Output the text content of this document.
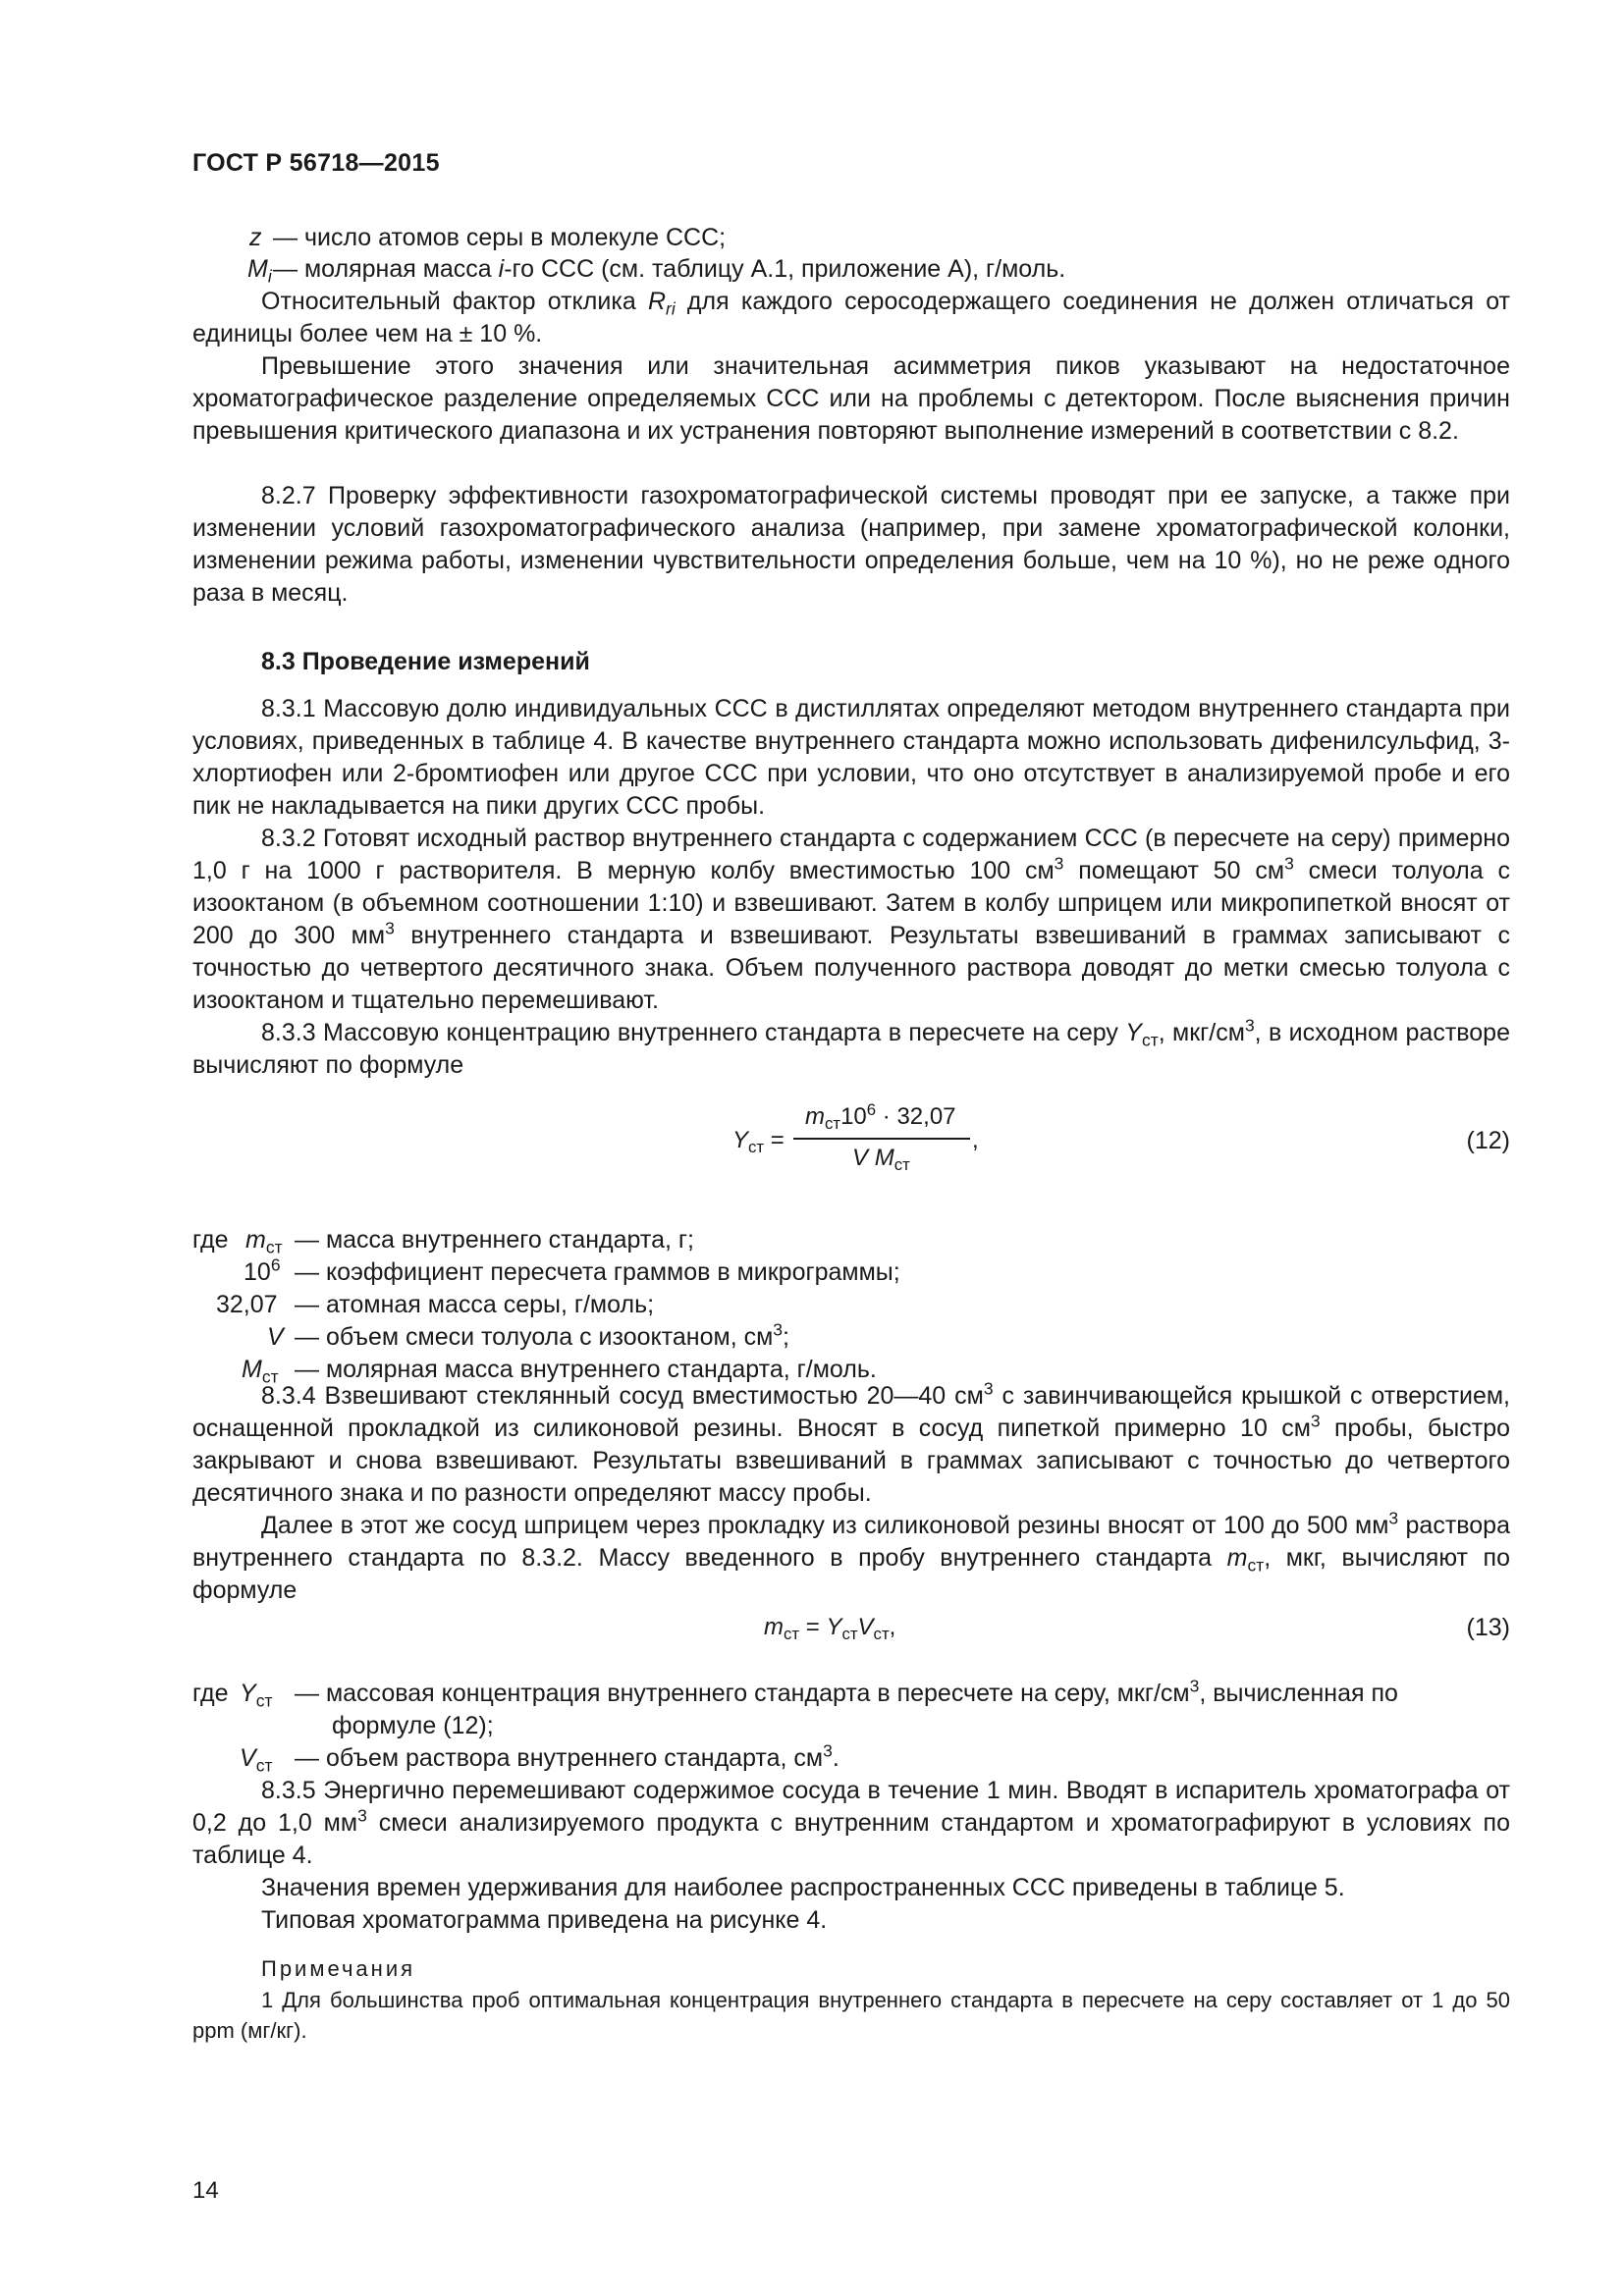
ГОСТ Р 56718—2015
z — число атомов серы в молекуле ССС;
$M_i$ — молярная масса i-го ССС (см. таблицу А.1, приложение А), г/моль.
Относительный фактор отклика $R_{ri}$ для каждого серосодержащего соединения не должен отличаться от единицы более чем на ± 10 %.
Превышение этого значения или значительная асимметрия пиков указывают на недостаточное хроматографическое разделение определяемых ССС или на проблемы с детектором. После выяснения причин превышения критического диапазона и их устранения повторяют выполнение измерений в соответствии с 8.2.
8.2.7 Проверку эффективности газохроматографической системы проводят при ее запуске, а также при изменении условий газохроматографического анализа (например, при замене хроматографической колонки, изменении режима работы, изменении чувствительности определения больше, чем на 10 %), но не реже одного раза в месяц.
8.3 Проведение измерений
8.3.1 Массовую долю индивидуальных ССС в дистиллятах определяют методом внутреннего стандарта при условиях, приведенных в таблице 4. В качестве внутреннего стандарта можно использовать дифенилсульфид, 3-хлортиофен или 2-бромтиофен или другое ССС при условии, что оно отсутствует в анализируемой пробе и его пик не накладывается на пики других ССС пробы.
8.3.2 Готовят исходный раствор внутреннего стандарта с содержанием ССС (в пересчете на серу) примерно 1,0 г на 1000 г растворителя. В мерную колбу вместимостью 100 $см^3$ помещают 50 $см^3$ смеси толуола с изооктаном (в объемном соотношении 1:10) и взвешивают. Затем в колбу шприцем или микропипеткой вносят от 200 до 300 $мм^3$ внутреннего стандарта и взвешивают. Результаты взвешиваний в граммах записывают с точностью до четвертого десятичного знака. Объем полученного раствора доводят до метки смесью толуола с изооктаном и тщательно перемешивают.
8.3.3 Массовую концентрацию внутреннего стандарта в пересчете на серу $Y_{ст}$, мкг/$см^3$, в исходном растворе вычисляют по формуле
$Y_{ст}$ =
$m_{ст}10^6 \cdot 32,07$
V $M_{ст}$
,	(12)
где $m_{ст}$ — масса внутреннего стандарта, г;
$10^6$ — коэффициент пересчета граммов в микрограммы;
32,07 — атомная масса серы, г/моль;
V — объем смеси толуола с изооктаном, $см^3$;
$M_{ст}$ — молярная масса внутреннего стандарта, г/моль.
8.3.4 Взвешивают стеклянный сосуд вместимостью 20—40 $см^3$ с завинчивающейся крышкой с отверстием, оснащенной прокладкой из силиконовой резины. Вносят в сосуд пипеткой примерно 10 $см^3$ пробы, быстро закрывают и снова взвешивают. Результаты взвешиваний в граммах записывают с точностью до четвертого десятичного знака и по разности определяют массу пробы.
Далее в этот же сосуд шприцем через прокладку из силиконовой резины вносят от 100 до 500 $мм^3$ раствора внутреннего стандарта по 8.3.2. Массу введенного в пробу внутреннего стандарта $m_{ст}$, мкг, вычисляют по формуле
$m_{ст} = Y_{ст}V_{ст}$,	(13)
где $Y_{ст}$ — массовая концентрация внутреннего стандарта в пересчете на серу, мкг/$см^3$, вычисленная по
формуле (12);
$V_{ст}$ — объем раствора внутреннего стандарта, $см^3$.
8.3.5 Энергично перемешивают содержимое сосуда в течение 1 мин. Вводят в испаритель хроматографа от 0,2 до 1,0 $мм^3$ смеси анализируемого продукта с внутренним стандартом и хроматографируют в условиях по таблице 4.
Значения времен удерживания для наиболее распространенных ССС приведены в таблице 5.
Типовая хроматограмма приведена на рисунке 4.
Примечания
1 Для большинства проб оптимальная концентрация внутреннего стандарта в пересчете на серу составляет от 1 до 50 ppm (мг/кг).
14
